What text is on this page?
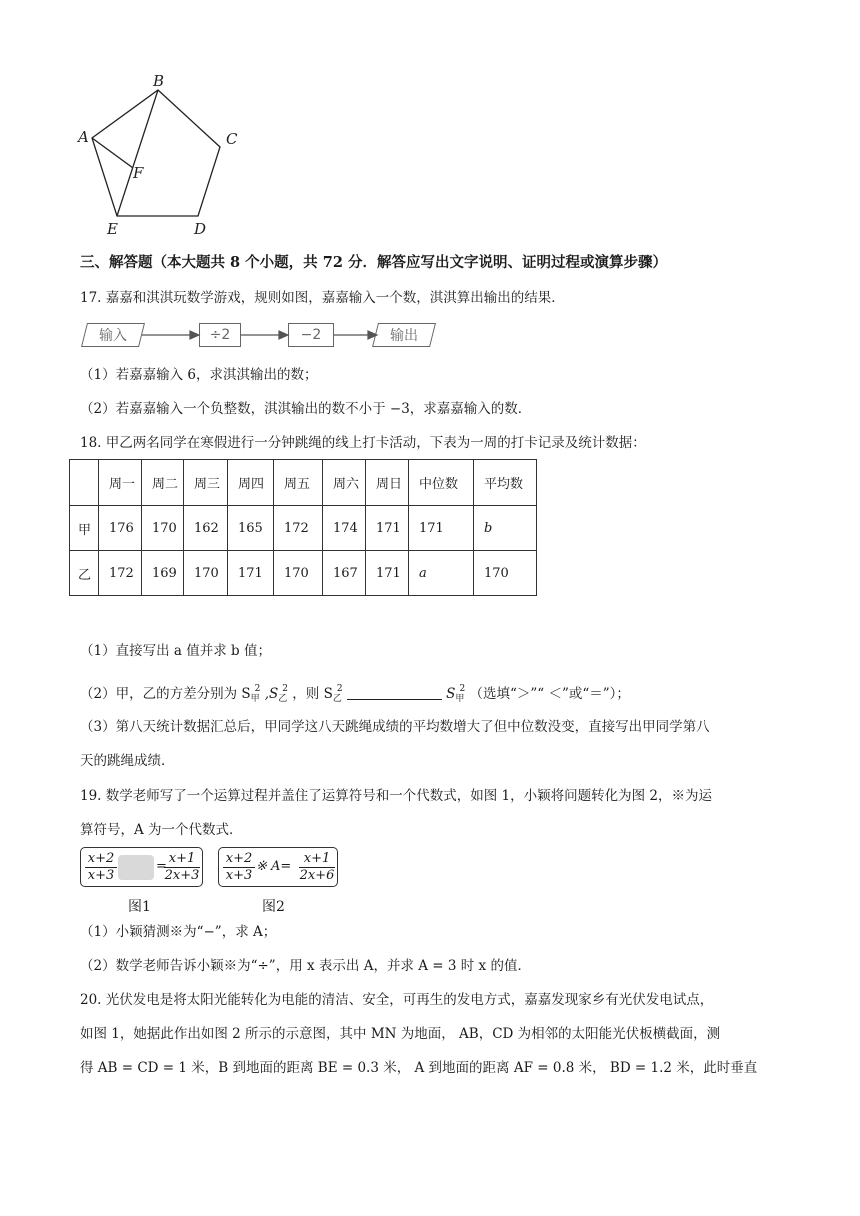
B
C
D
E
A
F
三、解答题（本大题共 8 个小题，共 72 分．解答应写出文字说明、证明过程或演算步骤）
17. 嘉嘉和淇淇玩数学游戏，规则如图，嘉嘉输入一个数，淇淇算出输出的结果．
输入	÷2	−2	输出
（1）若嘉嘉输入 6，求淇淇输出的数；
（2）若嘉嘉输入一个负整数，淇淇输出的数不小于 −3，求嘉嘉输入的数．
18. 甲乙两名同学在寒假进行一分钟跳绳的线上打卡活动，下表为一周的打卡记录及统计数据：
	周一	周二	周三	周四	周五	周六	周日	中位数	平均数
甲	176	170	162	165	172	174	171	171	b
乙	172	169	170	171	170	167	171	a	170
（1）直接写出 a 值并求 b 值；
（2）甲，乙的方差分别为 $S_甲^2$ $,S_乙^2$ ，则 $S_乙^2$	$S_甲^2$ （选填“＞”“ ＜”或“＝”）；
（3）第八天统计数据汇总后，甲同学这八天跳绳成绩的平均数增大了但中位数没变，直接写出甲同学第八
天的跳绳成绩．
19. 数学老师写了一个运算过程并盖住了运算符号和一个代数式，如图 1，小颖将问题转化为图 2，※为运
算符号，A 为一个代数式．
$\frac{x+2}{x+3}$	=
$\frac{x+1}{2x+3}$
图1
$\frac{x+2}{x+3}$ ※ $A= \frac{x+1}{2x+6}$
图2
（1）小颖猜测※为“−”，求 A；
（2）数学老师告诉小颖※为“÷”，用 x 表示出 A，并求 A = 3 时 x 的值．
20. 光伏发电是将太阳光能转化为电能的清洁、安全，可再生的发电方式，嘉嘉发现家乡有光伏发电试点，
如图 1，她据此作出如图 2 所示的示意图，其中 MN 为地面， AB，CD 为相邻的太阳能光伏板横截面，测
得 AB = CD = 1 米，B 到地面的距离 BE = 0.3 米， A 到地面的距离 AF = 0.8 米， BD = 1.2 米，此时垂直
